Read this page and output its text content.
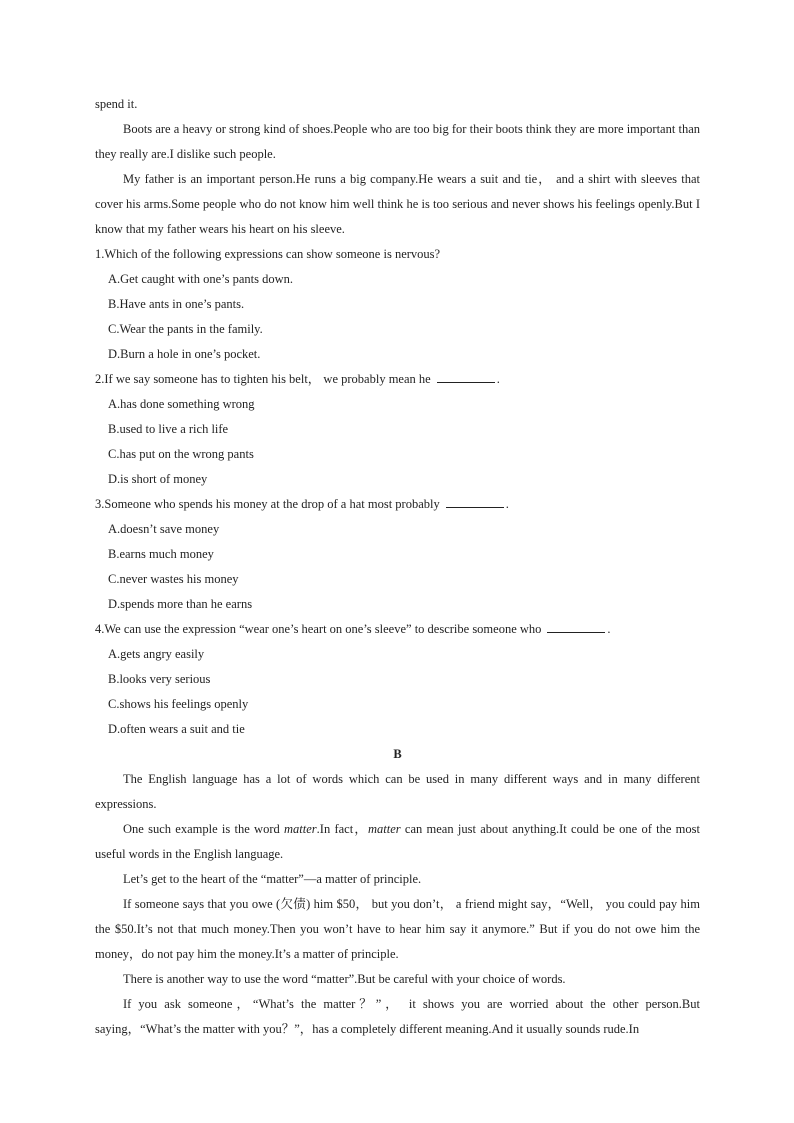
spend it.

Boots are a heavy or strong kind of shoes.People who are too big for their boots think they are more important than they really are.I dislike such people.

My father is an important person.He runs a big company.He wears a suit and tie， and a shirt with sleeves that cover his arms.Some people who do not know him well think he is too serious and never shows his feelings openly.But I know that my father wears his heart on his sleeve.

1.Which of the following expressions can show someone is nervous?

A.Get caught with one’s pants down.

B.Have ants in one’s pants.

C.Wear the pants in the family.

D.Burn a hole in one’s pocket.

2.If we say someone has to tighten his belt， we probably mean he	.

A.has done something wrong

B.used to live a rich life

C.has put on the wrong pants

D.is short of money

3.Someone who spends his money at the drop of a hat most probably	.

A.doesn’t save money

B.earns much money

C.never wastes his money

D.spends more than he earns

4.We can use the expression “wear one’s heart on one’s sleeve” to describe someone who	.

A.gets angry easily

B.looks very serious

C.shows his feelings openly

D.often wears a suit and tie

B

The English language has a lot of words which can be used in many different ways and in many different expressions.

One such example is the word matter.In fact，matter can mean just about anything.It could be one of the most useful words in the English language.

Let’s get to the heart of the “matter”—a matter of principle.

If someone says that you owe (欠债) him $50， but you don’t， a friend might say，“Well， you could pay him the $50.It’s not that much money.Then you won’t have to hear him say it anymore.” But if you do not owe him the money，do not pay him the money.It’s a matter of principle.

There is another way to use the word “matter”.But be careful with your choice of words.

If you ask someone，“What’s the matter？”， it shows you are worried about the other person.But saying，“What’s the matter with you？”，has a completely different meaning.And it usually sounds rude.In
